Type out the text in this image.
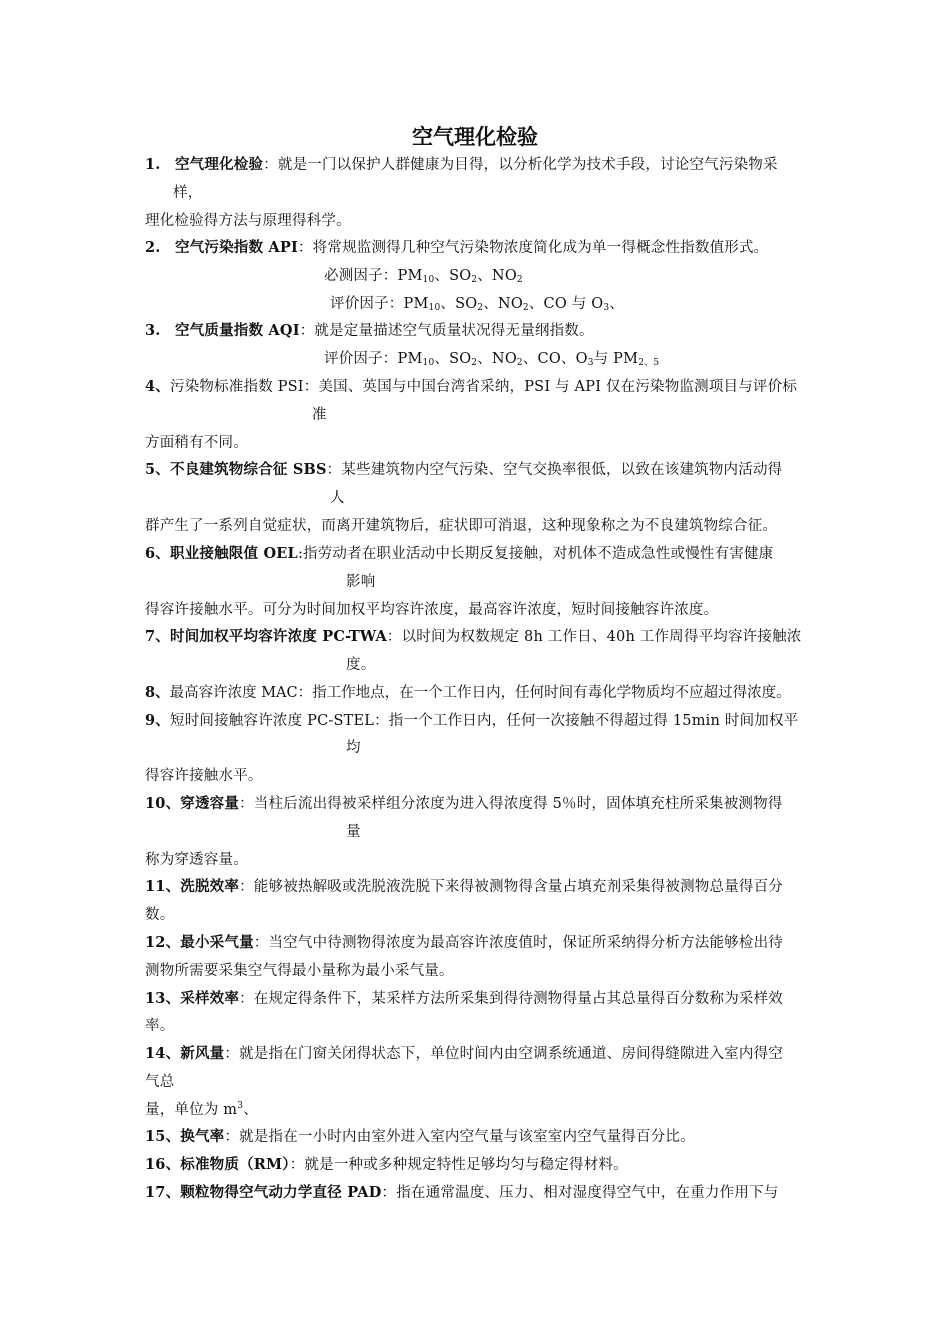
空气理化检验
1. 空气理化检验：就是一门以保护人群健康为目得，以分析化学为技术手段，讨论空气污染物采
样，
理化检验得方法与原理得科学。
2. 空气污染指数 API：将常规监测得几种空气污染物浓度简化成为单一得概念性指数值形式。
必测因子：$PM_{10}$、$SO_2$、$NO_2$
评价因子：$PM_{10}$、$SO_2$、$NO_2$、CO 与 $O_3$、
3. 空气质量指数 AQI：就是定量描述空气质量状况得无量纲指数。
评价因子：$PM_{10}$、$SO_2$、$NO_2$、CO、$O_3$与 $PM_{2、5}$
4、污染物标准指数 PSI：美国、英国与中国台湾省采纳，PSI 与 API 仅在污染物监测项目与评价标
准
方面稍有不同。
5、不良建筑物综合征 SBS：某些建筑物内空气污染、空气交换率很低，以致在该建筑物内活动得
人
群产生了一系列自觉症状，而离开建筑物后，症状即可消退，这种现象称之为不良建筑物综合征。
6、职业接触限值 OEL:指劳动者在职业活动中长期反复接触，对机体不造成急性或慢性有害健康
影响
得容许接触水平。可分为时间加权平均容许浓度，最高容许浓度，短时间接触容许浓度。
7、时间加权平均容许浓度 PC-TWA：以时间为权数规定 8h 工作日、40h 工作周得平均容许接触浓
度。
8、最高容许浓度 MAC：指工作地点，在一个工作日内，任何时间有毒化学物质均不应超过得浓度。
9、短时间接触容许浓度 PC-STEL：指一个工作日内，任何一次接触不得超过得 15min 时间加权平
均
得容许接触水平。
10、穿透容量：当柱后流出得被采样组分浓度为进入得浓度得 5％时，固体填充柱所采集被测物得
量
称为穿透容量。
11、洗脱效率：能够被热解吸或洗脱液洗脱下来得被测物得含量占填充剂采集得被测物总量得百分
数。
12、最小采气量：当空气中待测物得浓度为最高容许浓度值时，保证所采纳得分析方法能够检出待
测物所需要采集空气得最小量称为最小采气量。
13、采样效率：在规定得条件下，某采样方法所采集到得待测物得量占其总量得百分数称为采样效
率。
14、新风量：就是指在门窗关闭得状态下，单位时间内由空调系统通道、房间得缝隙进入室内得空
气总
量，单位为 $m^3$、
15、换气率：就是指在一小时内由室外进入室内空气量与该室室内空气量得百分比。
16、标准物质（RM）：就是一种或多种规定特性足够均匀与稳定得材料。
17、颗粒物得空气动力学直径 PAD：指在通常温度、压力、相对湿度得空气中，在重力作用下与
